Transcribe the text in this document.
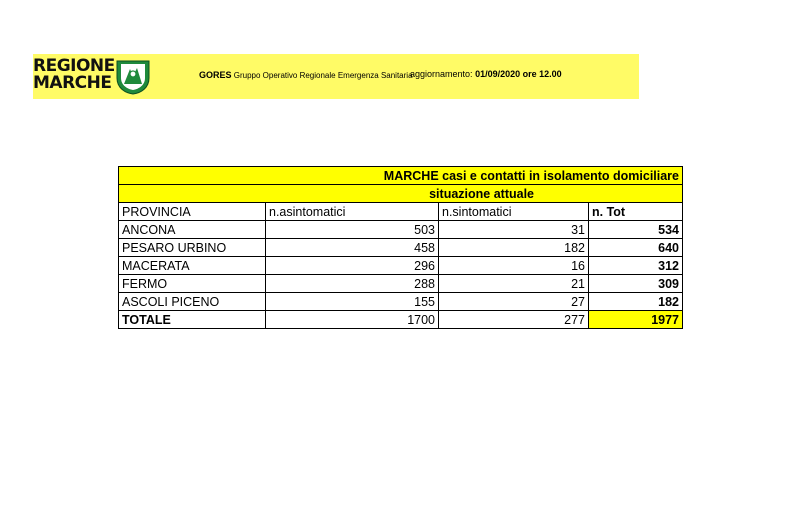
REGIONE
MARCHE	GORES Gruppo Operativo Regionale Emergenza Sanitaria
aggiornamento: 01/09/2020 ore 12.00
MARCHE casi e contatti in isolamento domiciliare			
situazione attuale			
PROVINCIA	n.asintomatici	n.sintomatici	n. Tot
ANCONA	503	31	534
PESARO URBINO	458	182	640
MACERATA	296	16	312
FERMO	288	21	309
ASCOLI PICENO	155	27	182
TOTALE	1700	277	1977
